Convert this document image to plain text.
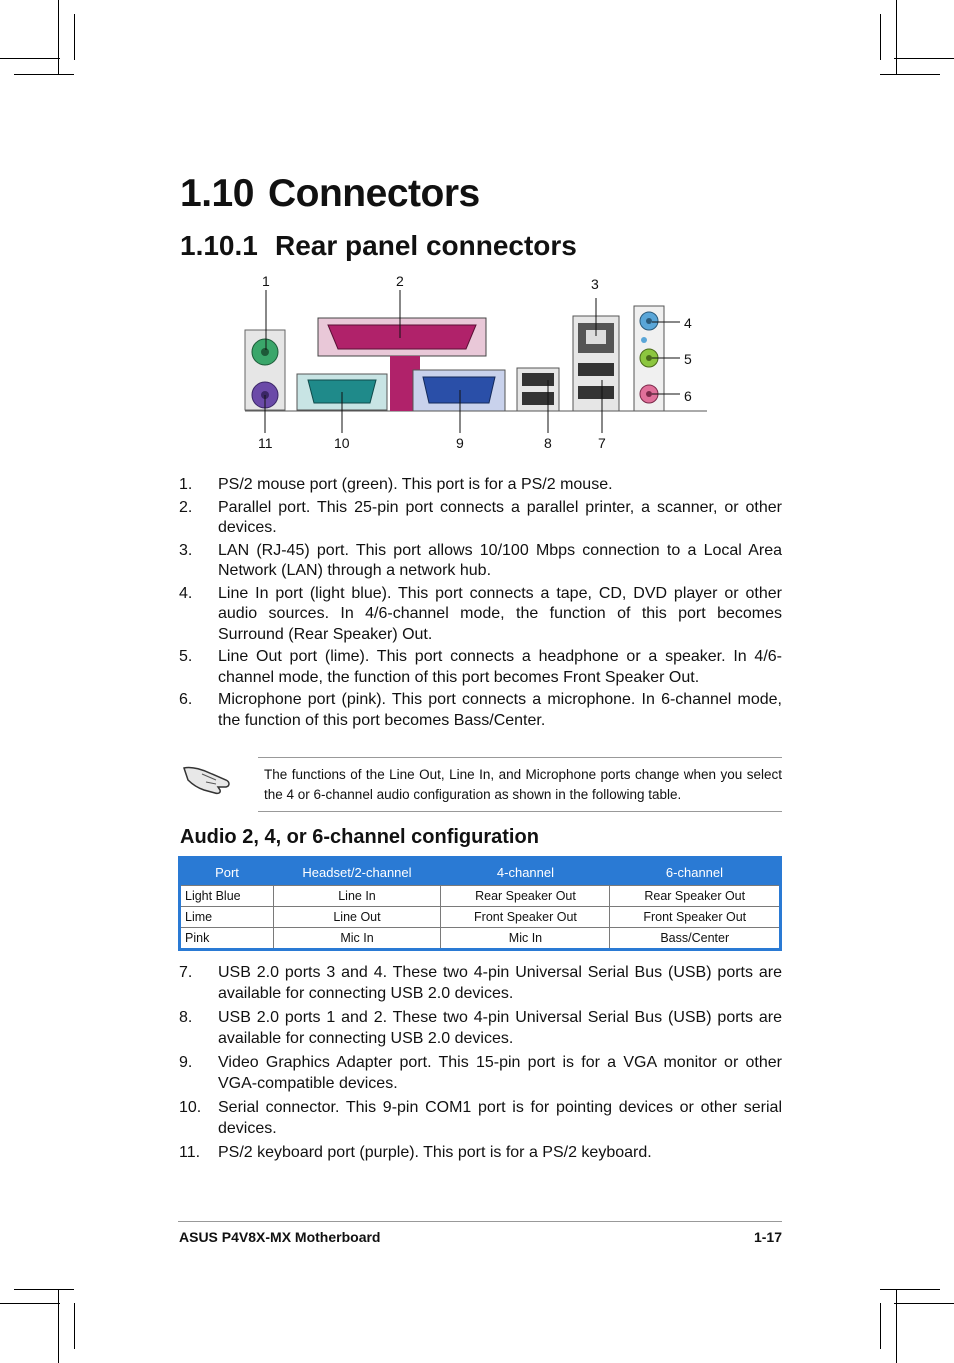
1.10 Connectors
1.10.1 Rear panel connectors
1	2	3
4
5
6
11	10	9	8	7
1.	PS/2 mouse port (green). This port is for a PS/2 mouse.
2.	Parallel port. This 25-pin port connects a parallel printer, a scanner, or other devices.
3.	LAN (RJ-45) port. This port allows 10/100 Mbps connection to a Local Area Network (LAN) through a network hub.
4.	Line In port (light blue). This port connects a tape, CD, DVD player or other audio sources. In 4/6-channel mode, the function of this port becomes Surround (Rear Speaker) Out.
5.	Line Out port (lime). This port connects a headphone or a speaker. In 4/6-channel mode, the function of this port becomes Front Speaker Out.
6.	Microphone port (pink). This port connects a microphone. In 6-channel mode, the function of this port becomes Bass/Center.
The functions of the Line Out, Line In, and Microphone ports change when you select the 4 or 6-channel audio configuration as shown in the following table.
Audio 2, 4, or 6-channel configuration
Port	Headset/2-channel	4-channel	6-channel
Light Blue	Line In	Rear Speaker Out	Rear Speaker Out
Lime	Line Out	Front Speaker Out	Front Speaker Out
Pink	Mic In	Mic In	Bass/Center
7.	USB 2.0 ports 3 and 4. These two 4-pin Universal Serial Bus (USB) ports are available for connecting USB 2.0 devices.
8.	USB 2.0 ports 1 and 2. These two 4-pin Universal Serial Bus (USB) ports are available for connecting USB 2.0 devices.
9.	Video Graphics Adapter port. This 15-pin port is for a VGA monitor or other VGA-compatible devices.
10.	Serial connector. This 9-pin COM1 port is for pointing devices or other serial devices.
11.	PS/2 keyboard port (purple). This port is for a PS/2 keyboard.
ASUS P4V8X-MX Motherboard	1-17
